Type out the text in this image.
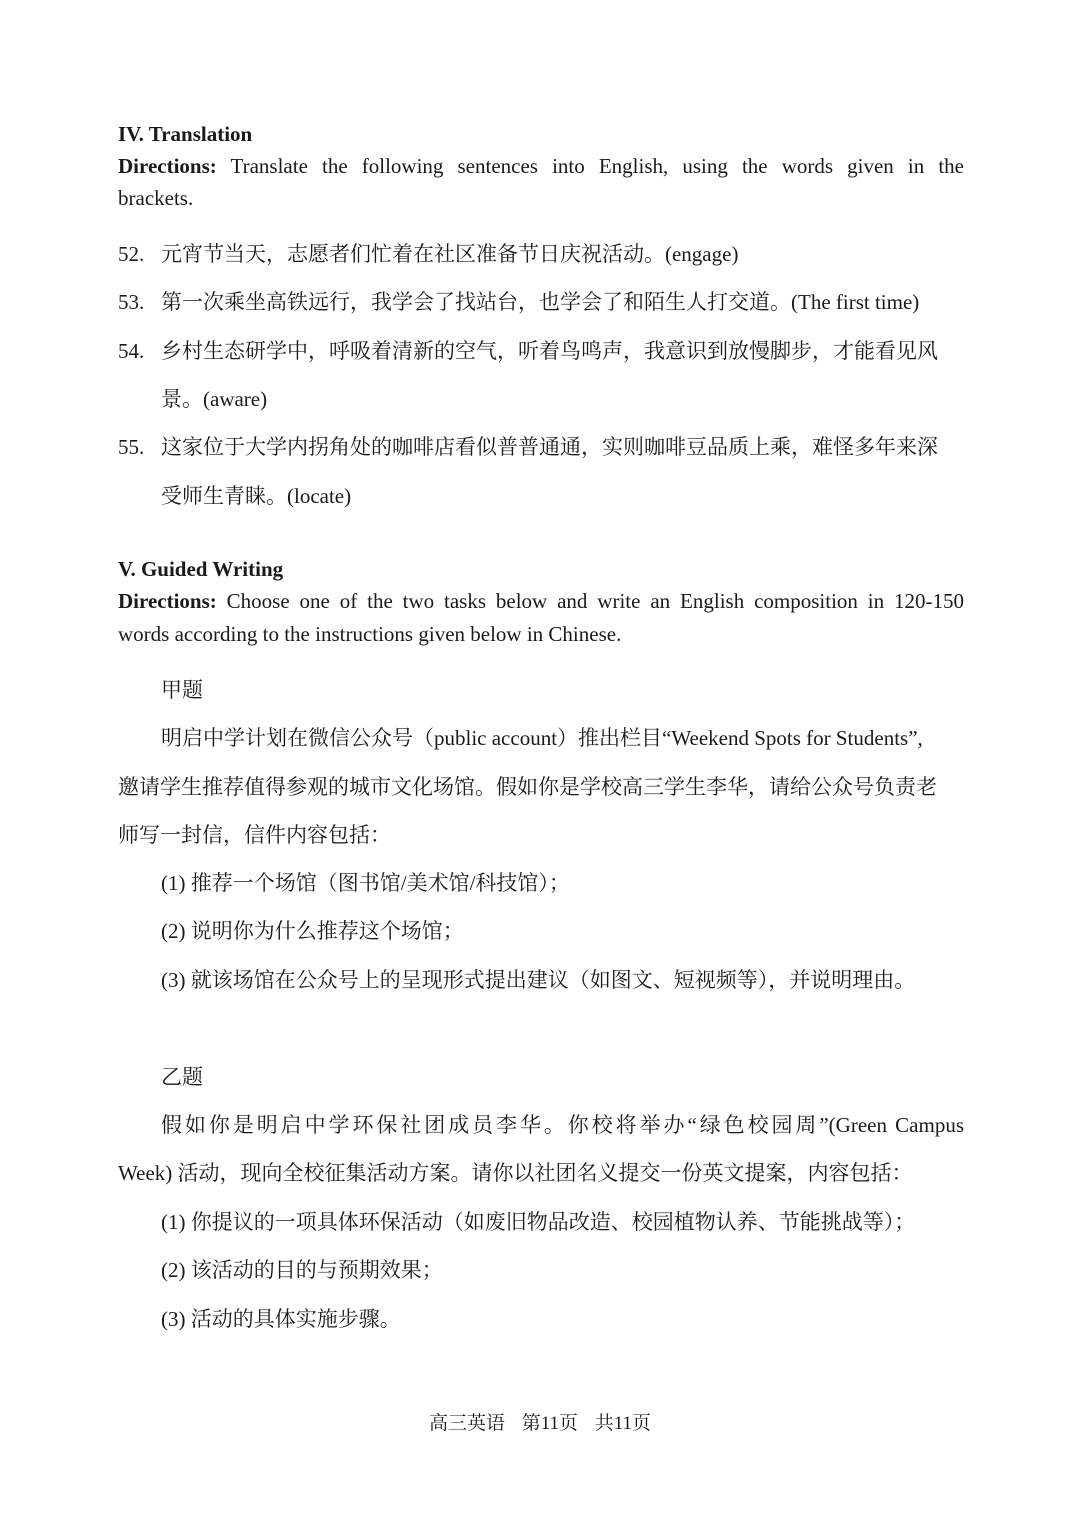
IV. Translation
Directions: Translate the following sentences into English, using the words given in the
brackets.
52. 元宵节当天，志愿者们忙着在社区准备节日庆祝活动。(engage)
53. 第一次乘坐高铁远行，我学会了找站台，也学会了和陌生人打交道。(The first time)
54. 乡村生态研学中，呼吸着清新的空气，听着鸟鸣声，我意识到放慢脚步，才能看见风
景。(aware)
55. 这家位于大学内拐角处的咖啡店看似普普通通，实则咖啡豆品质上乘，难怪多年来深
受师生青睐。(locate)
V. Guided Writing
Directions: Choose one of the two tasks below and write an English composition in 120-150
words according to the instructions given below in Chinese.
甲题
明启中学计划在微信公众号（public account）推出栏目“Weekend Spots for Students”,
邀请学生推荐值得参观的城市文化场馆。假如你是学校高三学生李华，请给公众号负责老
师写一封信，信件内容包括：
(1) 推荐一个场馆（图书馆/美术馆/科技馆）；
(2) 说明你为什么推荐这个场馆；
(3) 就该场馆在公众号上的呈现形式提出建议（如图文、短视频等），并说明理由。
乙题
假如你是明启中学环保社团成员李华。你校将举办“绿色校园周”(Green Campus
Week) 活动，现向全校征集活动方案。请你以社团名义提交一份英文提案，内容包括：
(1) 你提议的一项具体环保活动（如废旧物品改造、校园植物认养、节能挑战等）；
(2) 该活动的目的与预期效果；
(3) 活动的具体实施步骤。
高三英语 第11页 共11页
